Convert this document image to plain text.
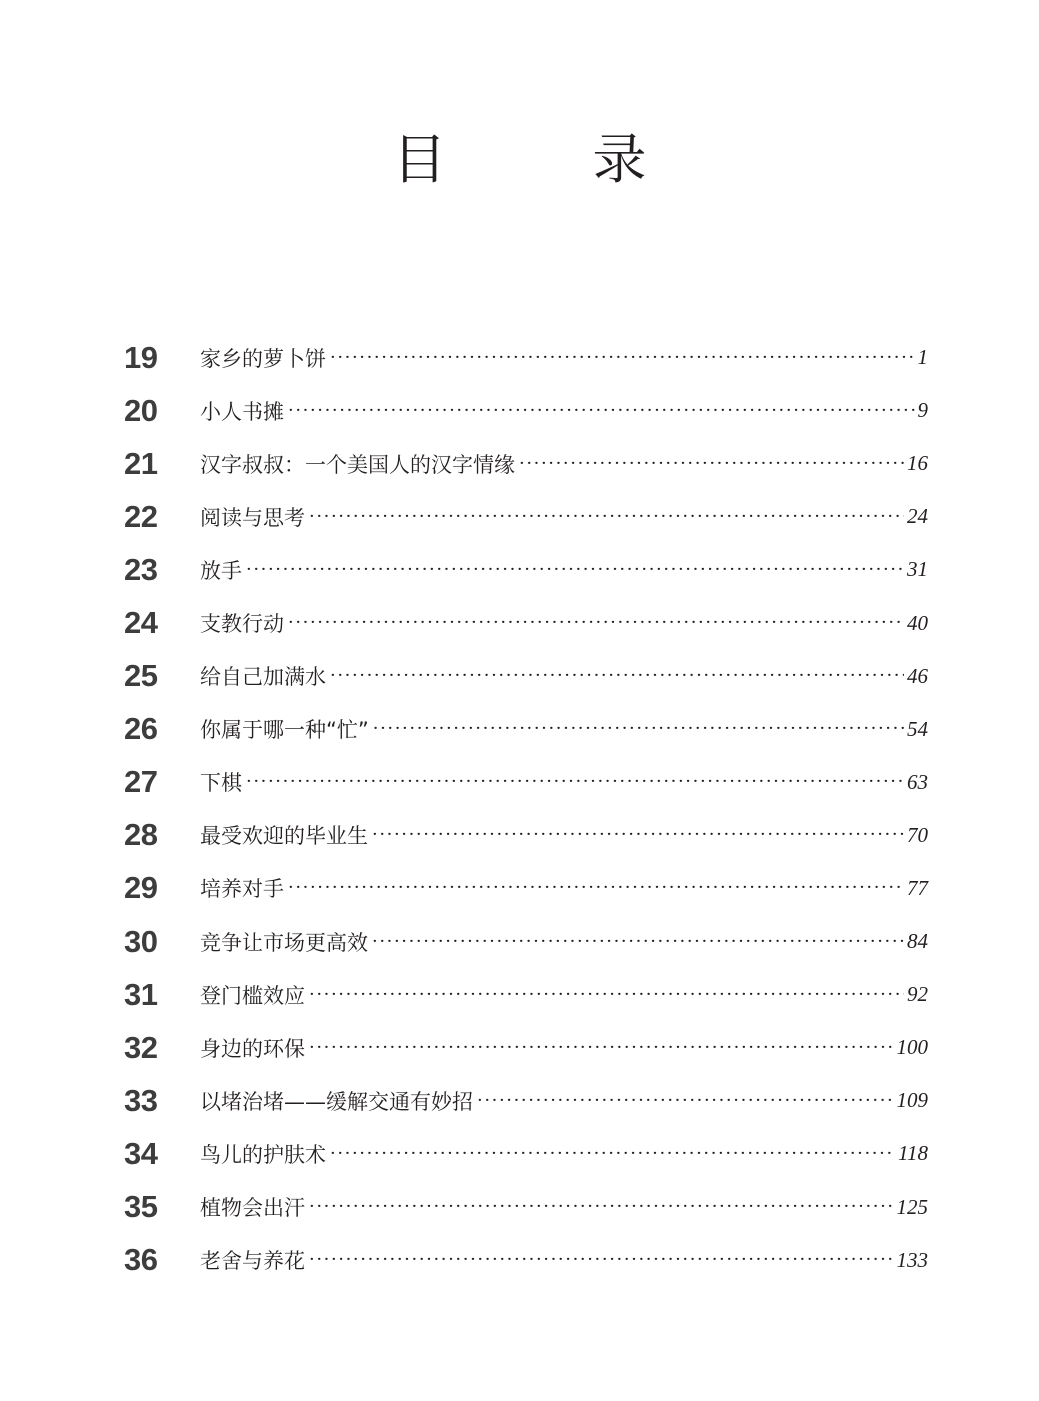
目　录
19	家乡的萝卜饼 ·····	1
20	小人书摊 ·····	9
21	汉字叔叔：一个美国人的汉字情缘 ·····	16
22	阅读与思考 ·····	24
23	放手 ·····	31
24	支教行动 ·····	40
25	给自己加满水 ·····	46
26	你属于哪一种“忙” ·····	54
27	下棋 ·····	63
28	最受欢迎的毕业生 ·····	70
29	培养对手 ·····	77
30	竞争让市场更高效 ·····	84
31	登门槛效应 ·····	92
32	身边的环保 ·····	100
33	以堵治堵——缓解交通有妙招 ·····	109
34	鸟儿的护肤术 ·····	118
35	植物会出汗 ·····	125
36	老舍与养花 ·····	133
